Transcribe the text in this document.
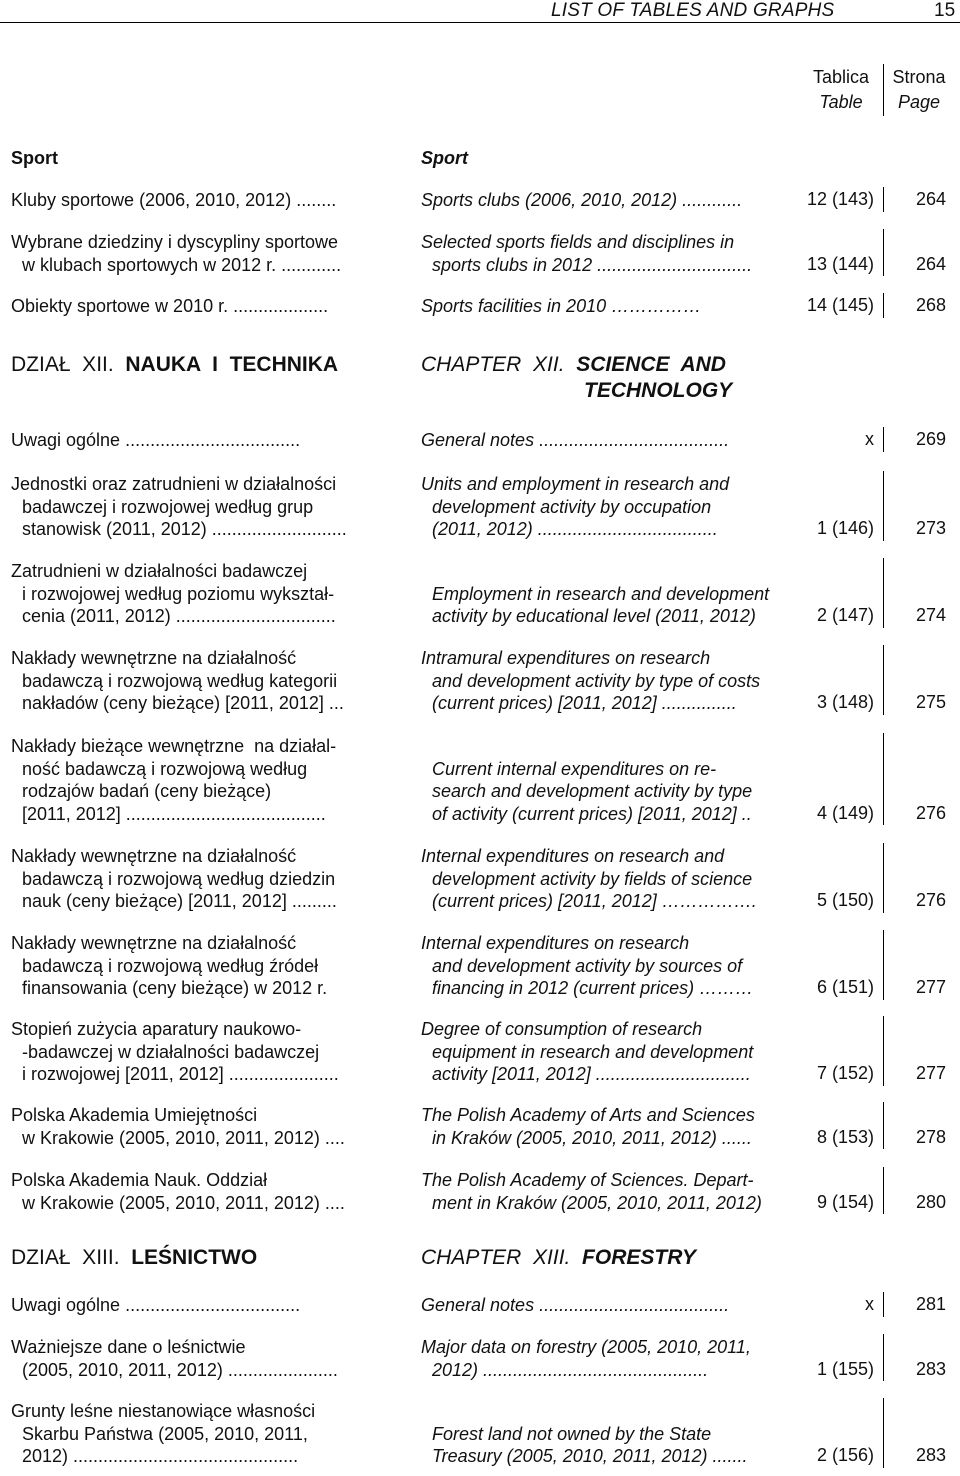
LIST OF TABLES AND GRAPHS	15
Tablica
Table
Strona
Page
Sport	Sport
Kluby sportowe (2006, 2010, 2012) ........	Sports clubs (2006, 2010, 2012) ............	12 (143)	264
Wybrane dziedziny i dyscypliny sportowe
w klubach sportowych w 2012 r. ............
Selected sports fields and disciplines in
sports clubs in 2012 ...............................	13 (144)	264
Obiekty sportowe w 2010 r. ...................	Sports facilities in 2010 ……………	14 (145)	268
DZIAŁ  XII. NAUKA  I  TECHNIKA	CHAPTER  XII. SCIENCE  AND
TECHNOLOGY
Uwagi ogólne ...................................	General notes ......................................	x	269
Jednostki oraz zatrudnieni w działalności
badawczej i rozwojowej według grup
stanowisk (2011, 2012) ...........................
Units and employment in research and
development activity by occupation
(2011, 2012) ....................................	1 (146)	273
Zatrudnieni w działalności badawczej
i rozwojowej według poziomu wykształ-
cenia (2011, 2012) ................................
Employment in research and development
activity by educational level (2011, 2012)	2 (147)	274
Nakłady wewnętrzne na działalność
badawczą i rozwojową według kategorii
nakładów (ceny bieżące) [2011, 2012] ...
Intramural expenditures on research
and development activity by type of costs
(current prices) [2011, 2012] ...............	3 (148)	275
Nakłady bieżące wewnętrzne  na działal-
ność badawczą i rozwojową według
rodzajów badań (ceny bieżące)
[2011, 2012] ........................................
Current internal expenditures on re-
search and development activity by type
of activity (current prices) [2011, 2012] ..	4 (149)	276
Nakłady wewnętrzne na działalność
badawczą i rozwojową według dziedzin
nauk (ceny bieżące) [2011, 2012] .........
Internal expenditures on research and
development activity by fields of science
(current prices) [2011, 2012] …………….	5 (150)	276
Nakłady wewnętrzne na działalność
badawczą i rozwojową według źródeł
finansowania (ceny bieżące) w 2012 r.
Internal expenditures on research
and development activity by sources of
financing in 2012 (current prices) ………	6 (151)	277
Stopień zużycia aparatury naukowo-
-badawczej w działalności badawczej
i rozwojowej [2011, 2012] ......................
Degree of consumption of research
equipment in research and development
activity [2011, 2012] ...............................	7 (152)	277
Polska Akademia Umiejętności
w Krakowie (2005, 2010, 2011, 2012) ....
The Polish Academy of Arts and Sciences
in Kraków (2005, 2010, 2011, 2012) ......	8 (153)	278
Polska Akademia Nauk. Oddział
w Krakowie (2005, 2010, 2011, 2012) ....
The Polish Academy of Sciences. Depart-
ment in Kraków (2005, 2010, 2011, 2012)	9 (154)	280
DZIAŁ  XIII. LEŚNICTWO	CHAPTER  XIII. FORESTRY
Uwagi ogólne ...................................	General notes ......................................	x	281
Ważniejsze dane o leśnictwie
(2005, 2010, 2011, 2012) ......................
Major data on forestry (2005, 2010, 2011,
2012) .............................................	1 (155)	283
Grunty leśne niestanowiące własności
Skarbu Państwa (2005, 2010, 2011,
2012) .............................................
Forest land not owned by the State
Treasury (2005, 2010, 2011, 2012) .......	2 (156)	283
